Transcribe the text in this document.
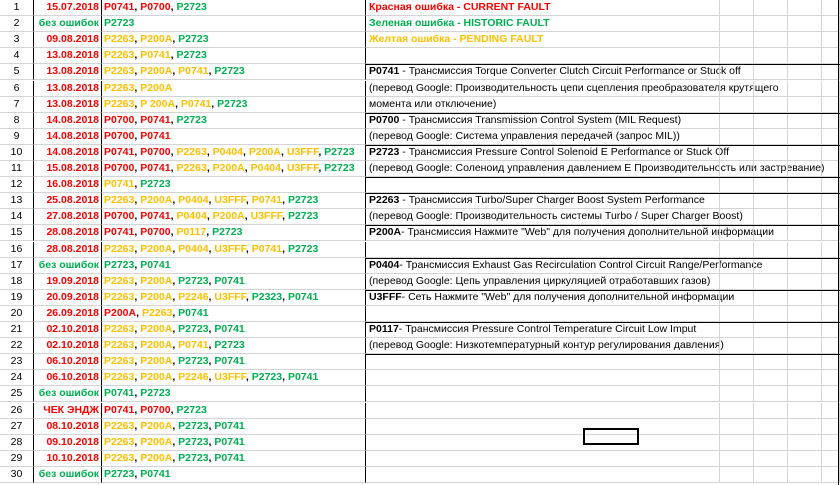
1	15.07.2018 P0741, P0700, P2723	Красная ошибка - CURRENT FAULT
2	без ошибок P2723	Зеленая ошибка - HISTORIC FAULT
3	09.08.2018 P2263, P200A, P2723	Желтая ошибка - PENDING FAULT
4	13.08.2018 P2263, P0741, P2723
5	13.08.2018 P2263, P200A, P0741, P2723	P0741 - Трансмиссия Torque Converter Clutch Circuit Performance or Stuck off
6	13.08.2018 P2263, P200A	(перевод Google: Производительность цепи сцепления преобразователя крутящего
7	13.08.2018 P2263, P 200A, P0741, P2723	момента или отключение)
8	14.08.2018 P0700, P0741, P2723	P0700 - Трансмиссия Transmission Control System (MIL Request)
9	14.08.2018 P0700, P0741	(перевод Google: Система управления передачей (запрос MIL))
10	14.08.2018 P0741, P0700, P2263, P0404, P200A, U3FFF, P2723	P2723 - Трансмиссия Pressure Control Solenoid E Performance or Stuck Off
11	15.08.2018 P0700, P0741, P2263, P200A, P0404, U3FFF, P2723	(перевод Google: Соленоид управления давлением E Производительность или застревание)
12	16.08.2018 P0741, P2723
13	25.08.2018 P2263, P200A, P0404, U3FFF, P0741, P2723	P2263 - Трансмиссия Turbo/Super Charger Boost System Performance
14	27.08.2018 P0700, P0741, P0404, P200A, U3FFF, P2723	(перевод Google: Производительность системы Turbo / Super Charger Boost)
15	28.08.2018 P0741, P0700, P0117, P2723	P200A- Трансмиссия Нажмите "Web" для получения дополнительной информации
16	28.08.2018 P2263, P200A, P0404, U3FFF, P0741, P2723
17	без ошибок P2723, P0741	P0404- Трансмиссия Exhaust Gas Recirculation Control Circuit Range/Performance
18	19.09.2018 P2263, P200A, P2723, P0741	(перевод Google: Цепь управления циркуляцией отработавших газов)
19	20.09.2018 P2263, P200A, P2246, U3FFF, P2323, P0741	U3FFF- Сеть Нажмите "Web" для получения дополнительной информации
20	26.09.2018 P200A, P2263, P0741
21	02.10.2018 P2263, P200A, P2723, P0741	P0117- Трансмиссия Pressure Control Temperature Circuit Low Imput
22	02.10.2018 P2263, P200A, P0741, P2723	(перевод Google: Низкотемпературный контур регулирования давления)
23	06.10.2018 P2263, P200A, P2723, P0741
24	06.10.2018 P2263, P200A, P2246, U3FFF, P2723, P0741
25	без ошибок P0741, P2723
26	ЧЕК ЭНДЖ P0741, P0700, P2723
27	08.10.2018 P2263, P200A, P2723, P0741
28	09.10.2018 P2263, P200A, P2723, P0741
29	10.10.2018 P2263, P200A, P2723, P0741
30	без ошибок P2723, P0741
